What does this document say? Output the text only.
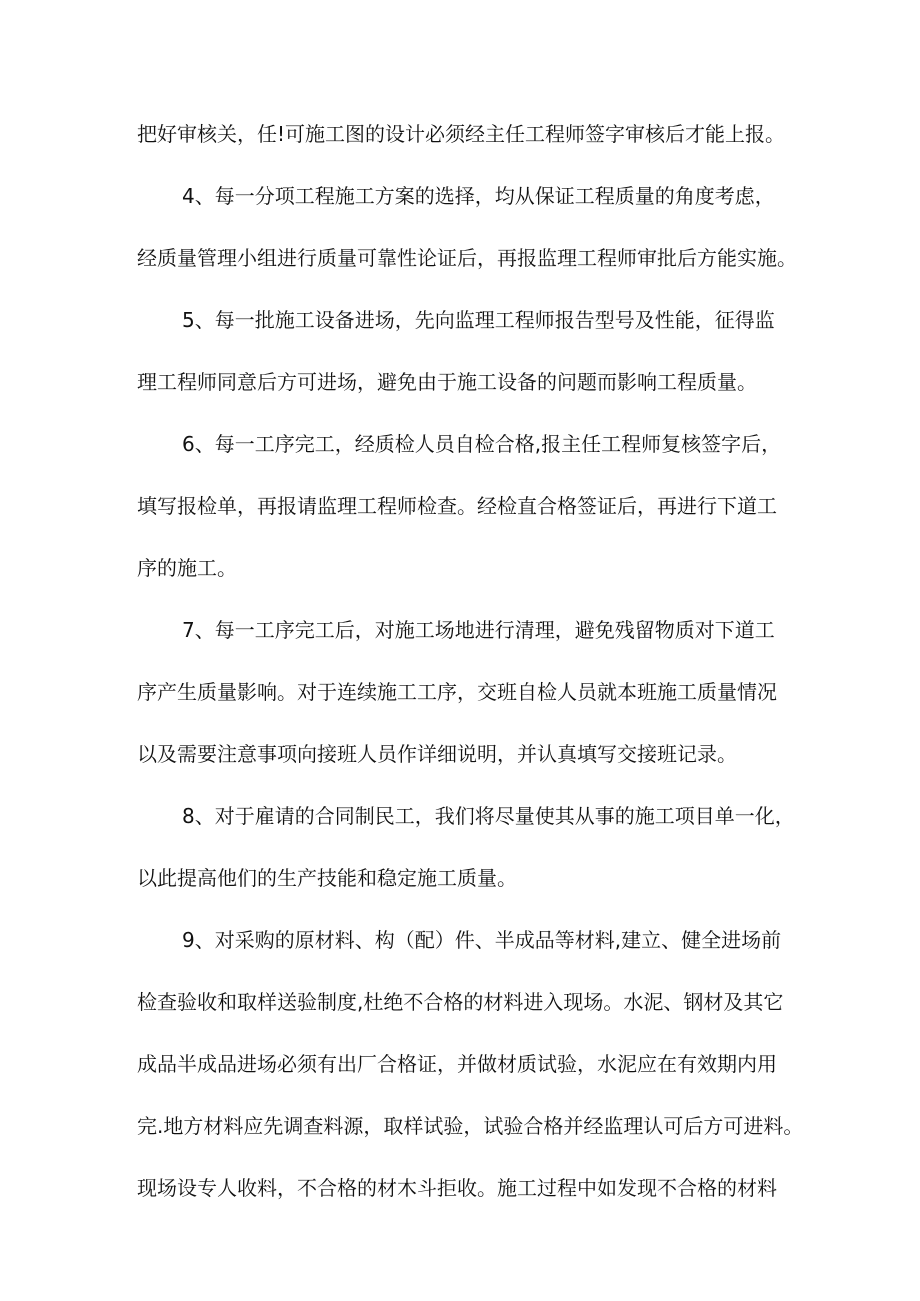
把好审核关，任!可施工图的设计必须经主任工程师签字审核后才能上报。
4、每一分项工程施工方案的选择，均从保证工程质量的角度考虑，
经质量管理小组进行质量可靠性论证后，再报监理工程师审批后方能实施。
5、每一批施工设备进场，先向监理工程师报告型号及性能，征得监
理工程师同意后方可进场，避免由于施工设备的问题而影响工程质量。
6、每一工序完工，经质检人员自检合格,报主任工程师复核签字后，
填写报检单，再报请监理工程师检查。经检直合格签证后，再进行下道工
序的施工。
7、每一工序完工后，对施工场地进行清理，避免残留物质对下道工
序产生质量影响。对于连续施工工序，交班自检人员就本班施工质量情况
以及需要注意事项向接班人员作详细说明，并认真填写交接班记录。
8、对于雇请的合同制民工，我们将尽量使其从事的施工项目单一化，
以此提高他们的生产技能和稳定施工质量。
9、对采购的原材料、构（配）件、半成品等材料,建立、健全进场前
检查验收和取样送验制度,杜绝不合格的材料进入现场。水泥、钢材及其它
成品半成品进场必须有出厂合格证，并做材质试验，水泥应在有效期内用
完.地方材料应先调查料源，取样试验，试验合格并经监理认可后方可进料。
现场设专人收料，不合格的材木斗拒收。施工过程中如发现不合格的材料
